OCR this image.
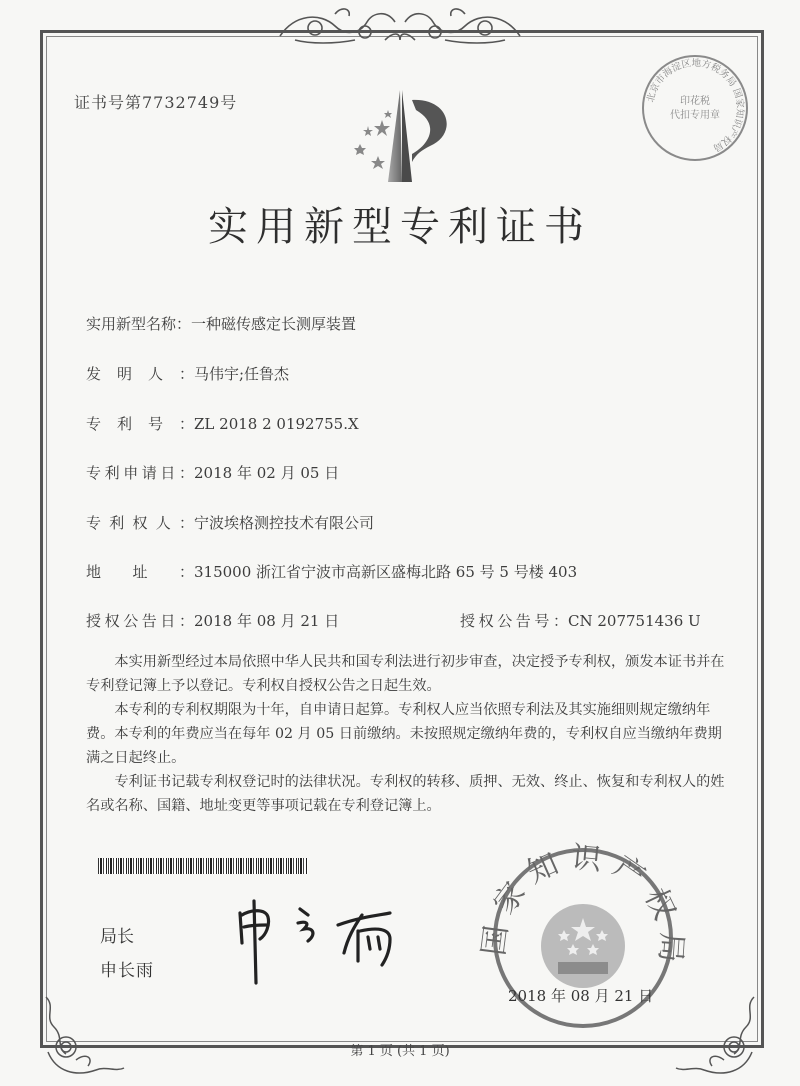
证书号第7732749号	北京市海淀区地方税务局 国家知识产权局
印花税
代扣专用章
实用新型专利证书
实用新型名称：一种磁传感定长测厚装置
发明人：马伟宇;任鲁杰
专利号：ZL 2018 2 0192755.X
专利申请日：2018 年 02 月 05 日
专利权人：宁波埃格测控技术有限公司
地址：315000 浙江省宁波市高新区盛梅北路 65 号 5 号楼 403
授权公告日：2018 年 08 月 21 日	授权公告号：CN 207751436 U

本实用新型经过本局依照中华人民共和国专利法进行初步审查，决定授予专利权，颁发本证书并在专利登记簿上予以登记。专利权自授权公告之日起生效。

本专利的专利权期限为十年，自申请日起算。专利权人应当依照专利法及其实施细则规定缴纳年费。本专利的年费应当在每年 02 月 05 日前缴纳。未按照规定缴纳年费的，专利权自应当缴纳年费期满之日起终止。

专利证书记载专利权登记时的法律状况。专利权的转移、质押、无效、终止、恢复和专利权人的姓名或名称、国籍、地址变更等事项记载在专利登记簿上。

局长
申长雨
国家知识产权局
2018 年 08 月 21 日
第 1 页 (共 1 页)
